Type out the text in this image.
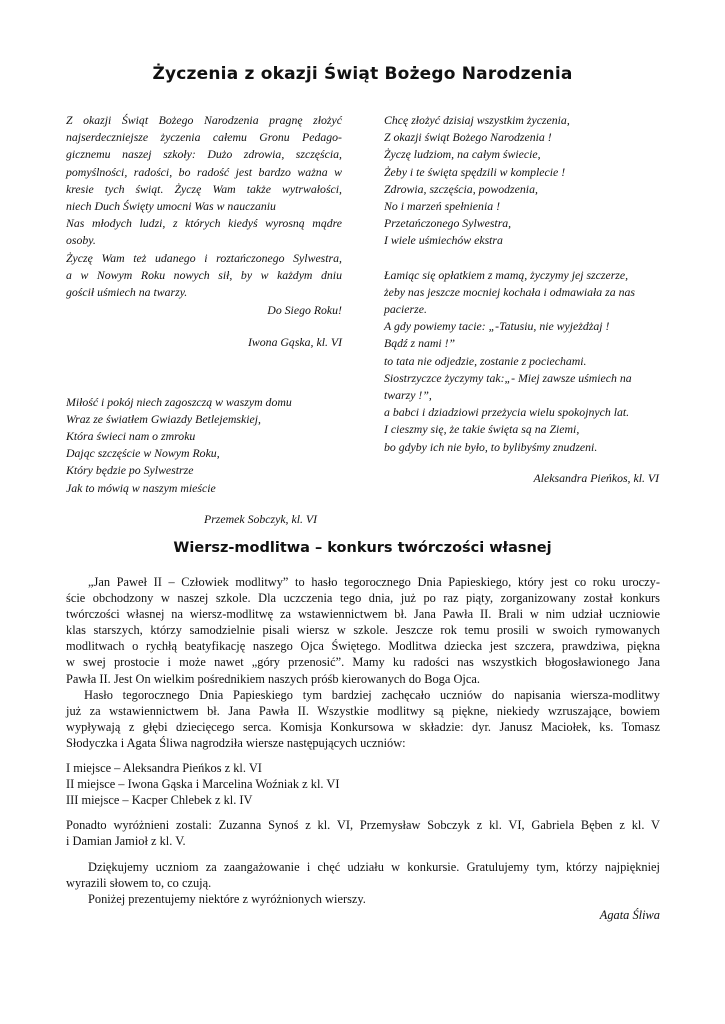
Życzenia z okazji Świąt Bożego Narodzenia

Z okazji Świąt Bożego Narodzenia pragnę złożyć

najserdeczniejsze życzenia całemu Gronu Pedago-

gicznemu naszej szkoły: Dużo zdrowia, szczęścia,

pomyślności, radości, bo radość jest bardzo ważna w

kresie tych świąt. Życzę Wam także wytrwałości,

niech Duch Święty umocni Was w nauczaniu

Nas młodych ludzi, z których kiedyś wyrosną mądre

osoby.

Życzę Wam też udanego i roztańczonego Sylwestra,

a w Nowym Roku nowych sił, by w każdym dniu

gościł uśmiech na twarzy.

Do Siego Roku!

Iwona Gąska, kl. VI

Miłość i pokój niech zagoszczą w waszym domu

Wraz ze światłem Gwiazdy Betlejemskiej,

Która świeci nam o zmroku

Dając szczęście w Nowym Roku,

Który będzie po Sylwestrze

Jak to mówią w naszym mieście

Przemek Sobczyk, kl. VI

Chcę złożyć dzisiaj wszystkim życzenia,

Z okazji świąt Bożego Narodzenia !

Życzę ludziom, na całym świecie,

Żeby i te święta spędzili w komplecie !

Zdrowia, szczęścia, powodzenia,

No i marzeń spełnienia !

Przetańczonego Sylwestra,

I wiele uśmiechów ekstra

Łamiąc się opłatkiem z mamą, życzymy jej szczerze,

żeby nas jeszcze mocniej kochała i odmawiała za nas

pacierze.

A gdy powiemy tacie: „-Tatusiu, nie wyjeżdżaj !

Bądź z nami !”

to tata nie odjedzie, zostanie z pociechami.

Siostrzyczce życzymy tak:„- Miej zawsze uśmiech na

twarzy !”,

a babci i dziadziowi przeżycia wielu spokojnych lat.

I cieszmy się, że takie święta są na Ziemi,

bo gdyby ich nie było, to bylibyśmy znudzeni.

Aleksandra Pieńkos, kl. VI

Wiersz-modlitwa – konkurs twórczości własnej

„Jan Paweł II – Człowiek modlitwy” to hasło tegorocznego Dnia Papieskiego, który jest co roku uroczy-

ście obchodzony w naszej szkole. Dla uczczenia tego dnia, już po raz piąty, zorganizowany został konkurs

twórczości własnej na wiersz-modlitwę za wstawiennictwem bł. Jana Pawła II. Brali w nim udział uczniowie

klas starszych, którzy samodzielnie pisali wiersz w szkole. Jeszcze rok temu prosili w swoich rymowanych

modlitwach o rychłą beatyfikację naszego Ojca Świętego. Modlitwa dziecka jest szczera, prawdziwa, piękna

w swej prostocie i może nawet „góry przenosić”. Mamy ku radości nas wszystkich błogosławionego Jana

Pawła II. Jest On wielkim pośrednikiem naszych próśb kierowanych do Boga Ojca.

Hasło tegorocznego Dnia Papieskiego tym bardziej zachęcało uczniów do napisania wiersza-modlitwy

już za wstawiennictwem bł. Jana Pawła II. Wszystkie modlitwy są piękne, niekiedy wzruszające, bowiem

wypływają z głębi dziecięcego serca. Komisja Konkursowa w składzie: dyr. Janusz Maciołek, ks. Tomasz

Słodyczka i Agata Śliwa nagrodziła wiersze następujących uczniów:

I miejsce – Aleksandra Pieńkos z kl. VI

II miejsce – Iwona Gąska i Marcelina Woźniak z kl. VI

III miejsce – Kacper Chlebek z kl. IV

Ponadto wyróżnieni zostali: Zuzanna Synoś z kl. VI, Przemysław Sobczyk z kl. VI, Gabriela Bęben z kl. V

i Damian Jamioł z kl. V.

Dziękujemy uczniom za zaangażowanie i chęć udziału w konkursie. Gratulujemy tym, którzy najpiękniej

wyrazili słowem to, co czują.

Poniżej prezentujemy niektóre z wyróżnionych wierszy.

Agata Śliwa
